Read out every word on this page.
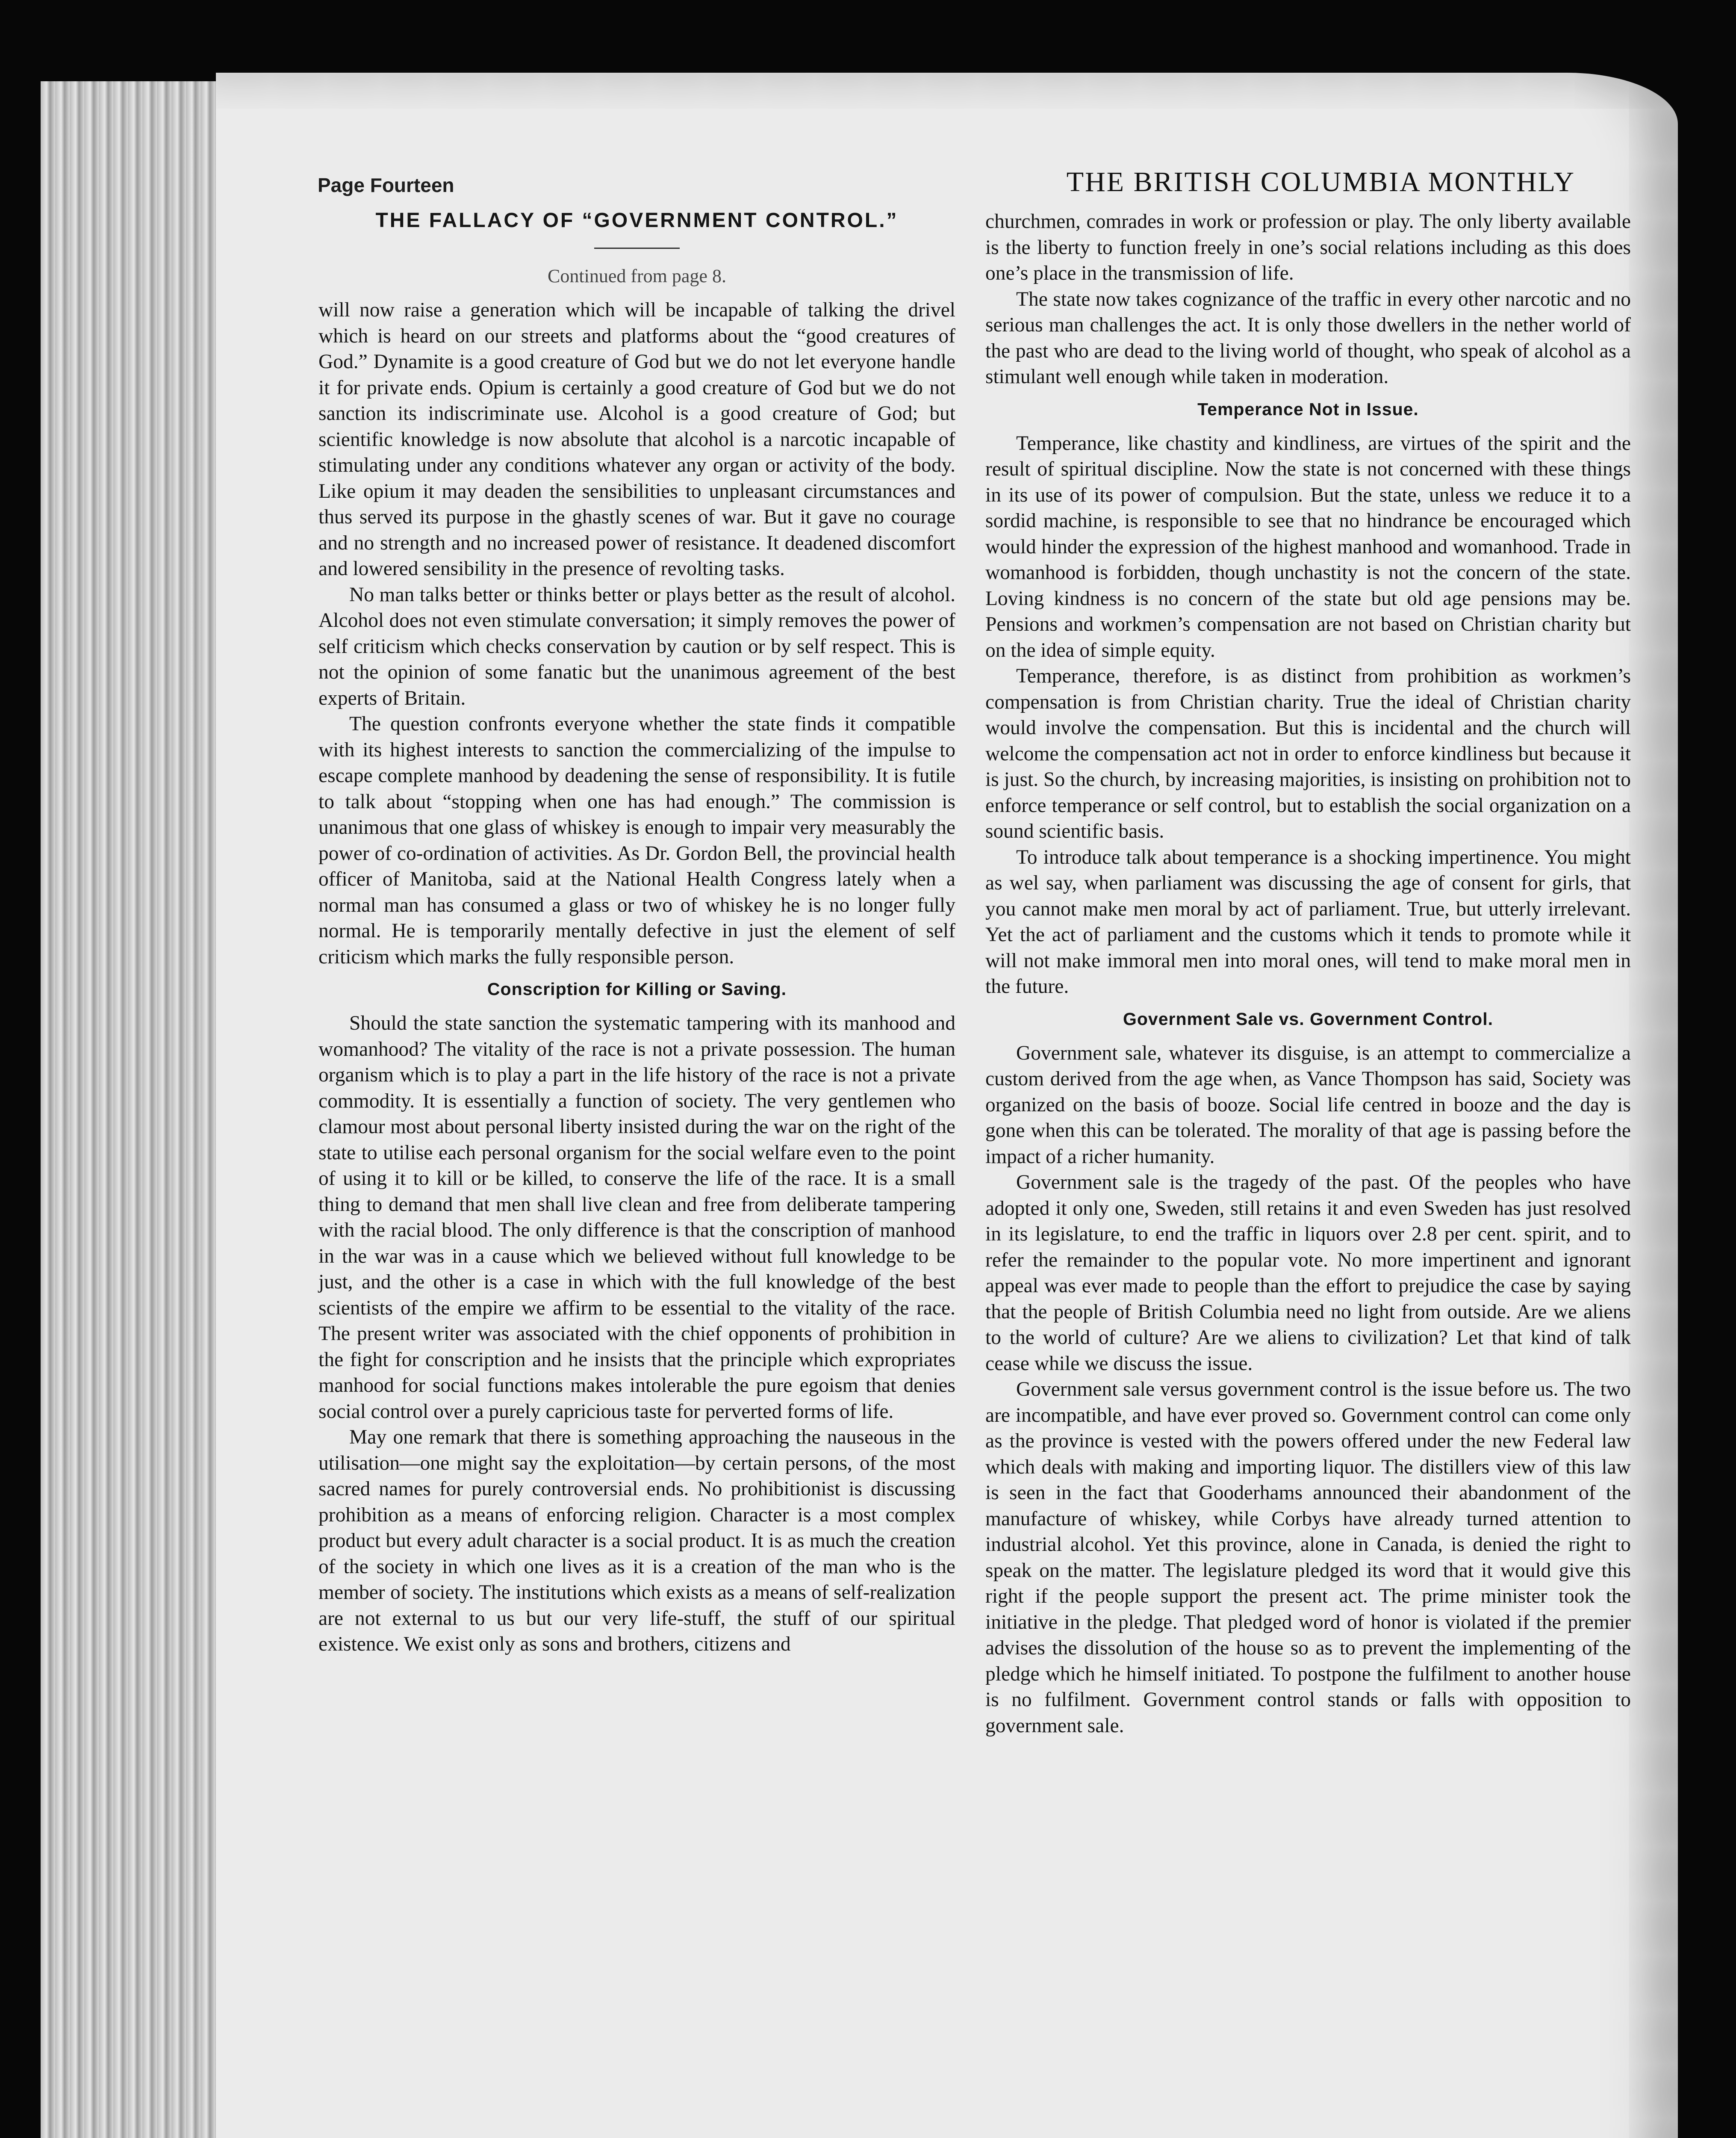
Page Fourteen	THE BRITISH COLUMBIA MONTHLY
THE FALLACY OF “GOVERNMENT CONTROL.”
Continued from page 8.

will now raise a generation which will be incapable of talking the drivel which is heard on our streets and platforms about the “good creatures of God.” Dynamite is a good creature of God but we do not let everyone handle it for private ends. Opium is certainly a good creature of God but we do not sanction its indiscriminate use. Alcohol is a good creature of God; but scientific knowledge is now absolute that alcohol is a narcotic incapable of stimulating under any conditions whatever any organ or activity of the body. Like opium it may deaden the sensibilities to unpleasant circumstances and thus served its purpose in the ghastly scenes of war. But it gave no courage and no strength and no increased power of resistance. It deadened discomfort and lowered sensibility in the presence of revolting tasks.

No man talks better or thinks better or plays better as the result of alcohol. Alcohol does not even stimulate conversation; it simply removes the power of self criticism which checks conservation by caution or by self respect. This is not the opinion of some fanatic but the unanimous agreement of the best experts of Britain.

The question confronts everyone whether the state finds it compatible with its highest interests to sanction the commercializing of the impulse to escape complete manhood by deadening the sense of responsibility. It is futile to talk about “stopping when one has had enough.” The commission is unanimous that one glass of whiskey is enough to impair very measurably the power of co-ordination of activities. As Dr. Gordon Bell, the provincial health officer of Manitoba, said at the National Health Congress lately when a normal man has consumed a glass or two of whiskey he is no longer fully normal. He is temporarily mentally defective in just the element of self criticism which marks the fully responsible person.

Conscription for Killing or Saving.

Should the state sanction the systematic tampering with its manhood and womanhood? The vitality of the race is not a private possession. The human organism which is to play a part in the life history of the race is not a private commodity. It is essentially a function of society. The very gentlemen who clamour most about personal liberty insisted during the war on the right of the state to utilise each personal organism for the social welfare even to the point of using it to kill or be killed, to conserve the life of the race. It is a small thing to demand that men shall live clean and free from deliberate tampering with the racial blood. The only difference is that the conscription of manhood in the war was in a cause which we believed without full knowledge to be just, and the other is a case in which with the full knowledge of the best scientists of the empire we affirm to be essential to the vitality of the race. The present writer was associated with the chief opponents of prohibition in the fight for conscription and he insists that the principle which expropriates manhood for social functions makes intolerable the pure egoism that denies social control over a purely capricious taste for perverted forms of life.

May one remark that there is something approaching the nauseous in the utilisation—one might say the exploitation—by certain persons, of the most sacred names for purely controversial ends. No prohibitionist is discussing prohibition as a means of enforcing religion. Character is a most complex product but every adult character is a social product. It is as much the creation of the society in which one lives as it is a creation of the man who is the member of society. The institutions which exists as a means of self-realization are not external to us but our very life-stuff, the stuff of our spiritual existence. We exist only as sons and brothers, citizens and

churchmen, comrades in work or profession or play. The only liberty available is the liberty to function freely in one’s social relations including as this does one’s place in the transmission of life.

The state now takes cognizance of the traffic in every other narcotic and no serious man challenges the act. It is only those dwellers in the nether world of the past who are dead to the living world of thought, who speak of alcohol as a stimulant well enough while taken in moderation.

Temperance Not in Issue.

Temperance, like chastity and kindliness, are virtues of the spirit and the result of spiritual discipline. Now the state is not concerned with these things in its use of its power of compulsion. But the state, unless we reduce it to a sordid machine, is responsible to see that no hindrance be encouraged which would hinder the expression of the highest manhood and womanhood. Trade in womanhood is forbidden, though unchastity is not the concern of the state. Loving kindness is no concern of the state but old age pensions may be. Pensions and workmen’s compensation are not based on Christian charity but on the idea of simple equity.

Temperance, therefore, is as distinct from prohibition as workmen’s compensation is from Christian charity. True the ideal of Christian charity would involve the compensation. But this is incidental and the church will welcome the compensation act not in order to enforce kindliness but because it is just. So the church, by increasing majorities, is insisting on prohibition not to enforce temperance or self control, but to establish the social organization on a sound scientific basis.

To introduce talk about temperance is a shocking impertinence. You might as wel say, when parliament was discussing the age of consent for girls, that you cannot make men moral by act of parliament. True, but utterly irrelevant. Yet the act of parliament and the customs which it tends to promote while it will not make immoral men into moral ones, will tend to make moral men in the future.

Government Sale vs. Government Control.

Government sale, whatever its disguise, is an attempt to commercialize a custom derived from the age when, as Vance Thompson has said, Society was organized on the basis of booze. Social life centred in booze and the day is gone when this can be tolerated. The morality of that age is passing before the impact of a richer humanity.

Government sale is the tragedy of the past. Of the peoples who have adopted it only one, Sweden, still retains it and even Sweden has just resolved in its legislature, to end the traffic in liquors over 2.8 per cent. spirit, and to refer the remainder to the popular vote. No more impertinent and ignorant appeal was ever made to people than the effort to prejudice the case by saying that the people of British Columbia need no light from outside. Are we aliens to the world of culture? Are we aliens to civilization? Let that kind of talk cease while we discuss the issue.

Government sale versus government control is the issue before us. The two are incompatible, and have ever proved so. Government control can come only as the province is vested with the powers offered under the new Federal law which deals with making and importing liquor. The distillers view of this law is seen in the fact that Gooderhams announced their abandonment of the manufacture of whiskey, while Corbys have already turned attention to industrial alcohol. Yet this province, alone in Canada, is denied the right to speak on the matter. The legislature pledged its word that it would give this right if the people support the present act. The prime minister took the initiative in the pledge. That pledged word of honor is violated if the premier advises the dissolution of the house so as to prevent the implementing of the pledge which he himself initiated. To postpone the fulfilment to another house is no fulfilment. Government control stands or falls with opposition to government sale.
